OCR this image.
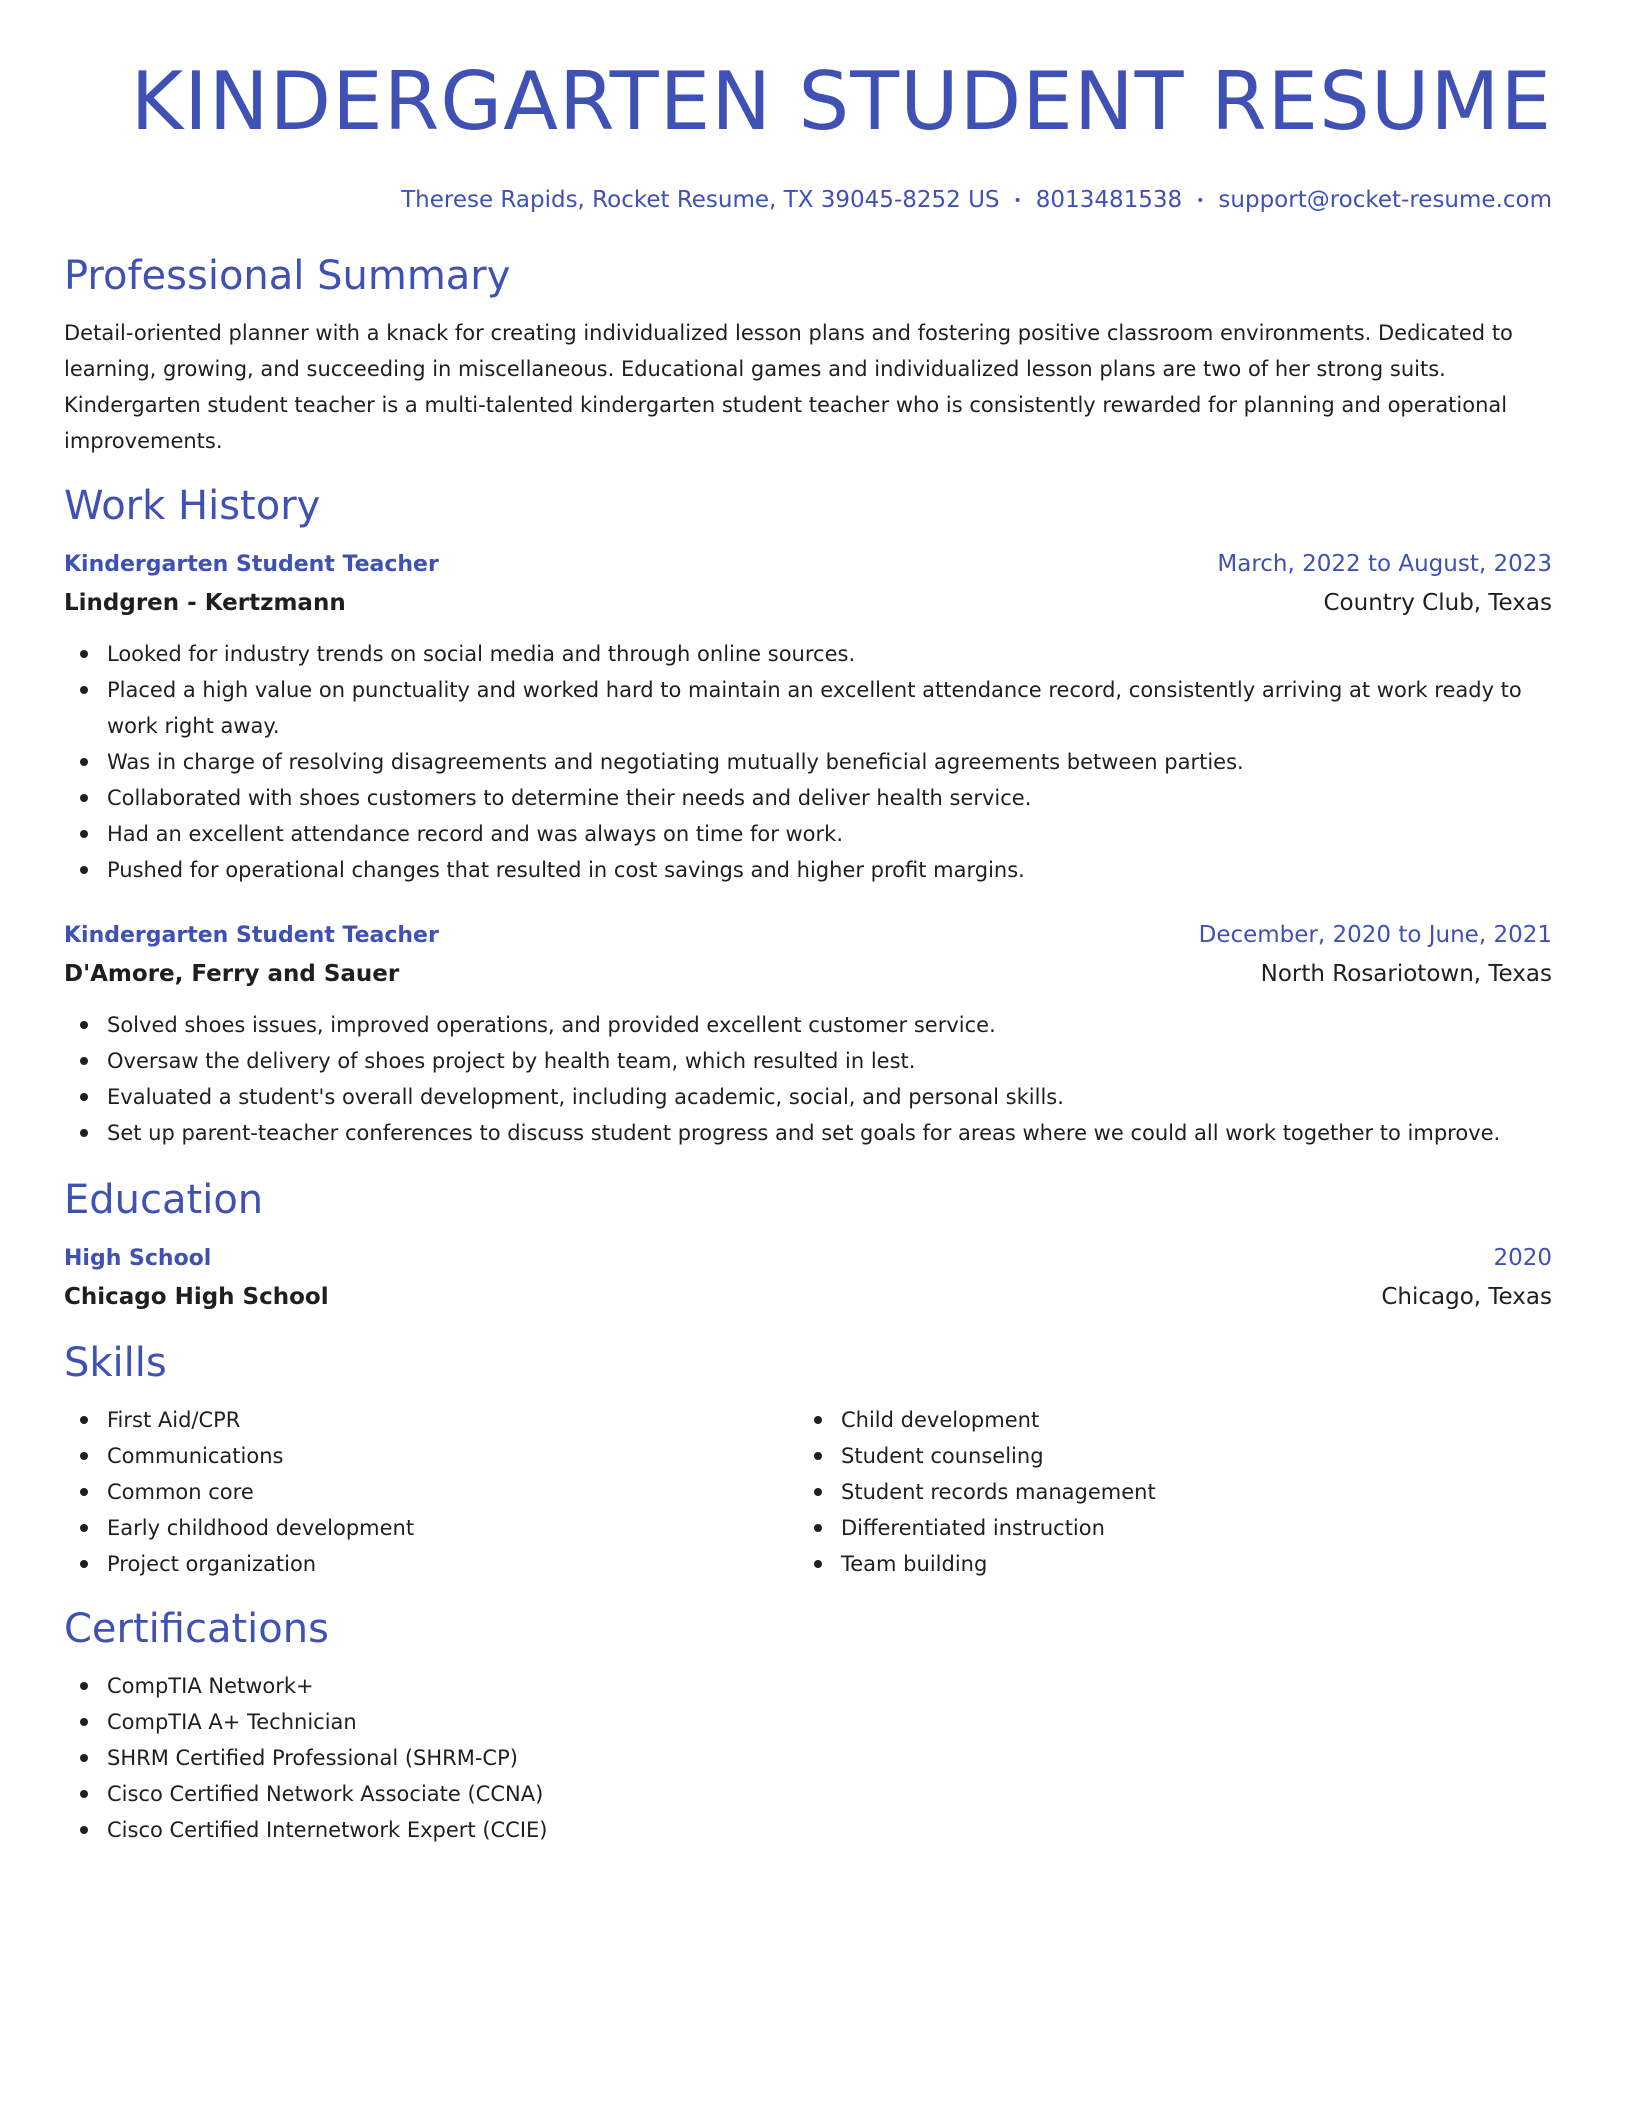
KINDERGARTEN STUDENT RESUME
Therese Rapids, Rocket Resume, TX 39045-8252 US • 8013481538 • support@rocket-resume.com
Professional Summary
Detail-oriented planner with a knack for creating individualized lesson plans and fostering positive classroom environments. Dedicated to learning, growing, and succeeding in miscellaneous. Educational games and individualized lesson plans are two of her strong suits. Kindergarten student teacher is a multi-talented kindergarten student teacher who is consistently rewarded for planning and operational improvements.
Work History
Kindergarten Student Teacher	March, 2022 to August, 2023
Lindgren - Kertzmann	Country Club, Texas
Looked for industry trends on social media and through online sources.
Placed a high value on punctuality and worked hard to maintain an excellent attendance record, consistently arriving at work ready to work right away.
Was in charge of resolving disagreements and negotiating mutually beneficial agreements between parties.
Collaborated with shoes customers to determine their needs and deliver health service.
Had an excellent attendance record and was always on time for work.
Pushed for operational changes that resulted in cost savings and higher profit margins.
Kindergarten Student Teacher	December, 2020 to June, 2021
D'Amore, Ferry and Sauer	North Rosariotown, Texas
Solved shoes issues, improved operations, and provided excellent customer service.
Oversaw the delivery of shoes project by health team, which resulted in lest.
Evaluated a student's overall development, including academic, social, and personal skills.
Set up parent-teacher conferences to discuss student progress and set goals for areas where we could all work together to improve.
Education
High School	2020
Chicago High School	Chicago, Texas
Skills
First Aid/CPR
Communications
Common core
Early childhood development
Project organization
Child development
Student counseling
Student records management
Differentiated instruction
Team building
Certifications
CompTIA Network+
CompTIA A+ Technician
SHRM Certified Professional (SHRM-CP)
Cisco Certified Network Associate (CCNA)
Cisco Certified Internetwork Expert (CCIE)
